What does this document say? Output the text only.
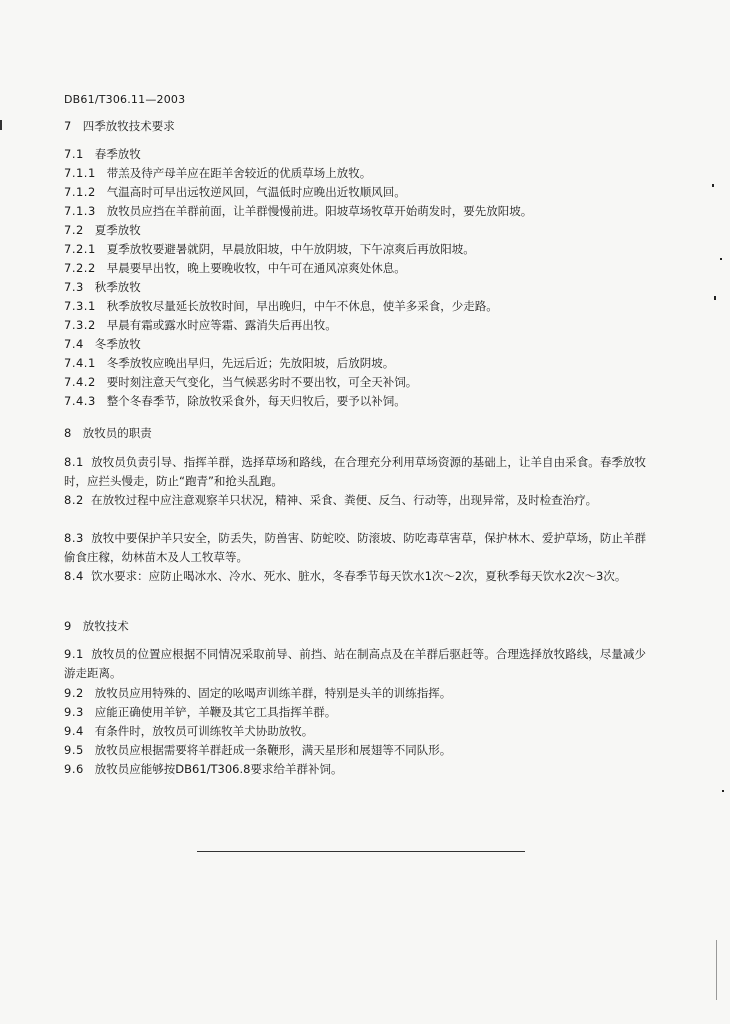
DB61/T306.11—2003
7 四季放牧技术要求
7.1 春季放牧
7.1.1 带羔及待产母羊应在距羊舍较近的优质草场上放牧。
7.1.2 气温高时可早出远牧逆风回，气温低时应晚出近牧顺风回。
7.1.3 放牧员应挡在羊群前面，让羊群慢慢前进。阳坡草场牧草开始萌发时，要先放阳坡。
7.2 夏季放牧
7.2.1 夏季放牧要避暑就阴，早晨放阳坡，中午放阴坡，下午凉爽后再放阳坡。
7.2.2 早晨要早出牧，晚上要晚收牧，中午可在通风凉爽处休息。
7.3 秋季放牧
7.3.1 秋季放牧尽量延长放牧时间，早出晚归，中午不休息，使羊多采食，少走路。
7.3.2 早晨有霜或露水时应等霜、露消失后再出牧。
7.4 冬季放牧
7.4.1 冬季放牧应晚出早归，先远后近；先放阳坡，后放阴坡。
7.4.2 要时刻注意天气变化，当气候恶劣时不要出牧，可全天补饲。
7.4.3 整个冬春季节，除放牧采食外，每天归牧后，要予以补饲。
8 放牧员的职责
8.1 放牧员负责引导、指挥羊群，选择草场和路线，在合理充分利用草场资源的基础上，让羊自由采食。春季放牧时，应拦头慢走，防止“跑青”和抢头乱跑。
8.2 在放牧过程中应注意观察羊只状况，精神、采食、粪便、反刍、行动等，出现异常，及时检查治疗。
8.3 放牧中要保护羊只安全，防丢失，防兽害、防蛇咬、防滚坡、防吃毒草害草，保护林木、爱护草场，防止羊群偷食庄稼，幼林苗木及人工牧草等。
8.4 饮水要求：应防止喝冰水、冷水、死水、脏水，冬春季节每天饮水1次～2次，夏秋季每天饮水2次～3次。
9 放牧技术
9.1 放牧员的位置应根据不同情况采取前导、前挡、站在制高点及在羊群后驱赶等。合理选择放牧路线，尽量减少游走距离。
9.2 放牧员应用特殊的、固定的吆喝声训练羊群，特别是头羊的训练指挥。
9.3 应能正确使用羊铲，羊鞭及其它工具指挥羊群。
9.4 有条件时，放牧员可训练牧羊犬协助放牧。
9.5 放牧员应根据需要将羊群赶成一条鞭形，满天星形和展翅等不同队形。
9.6 放牧员应能够按DB61/T306.8要求给羊群补饲。
